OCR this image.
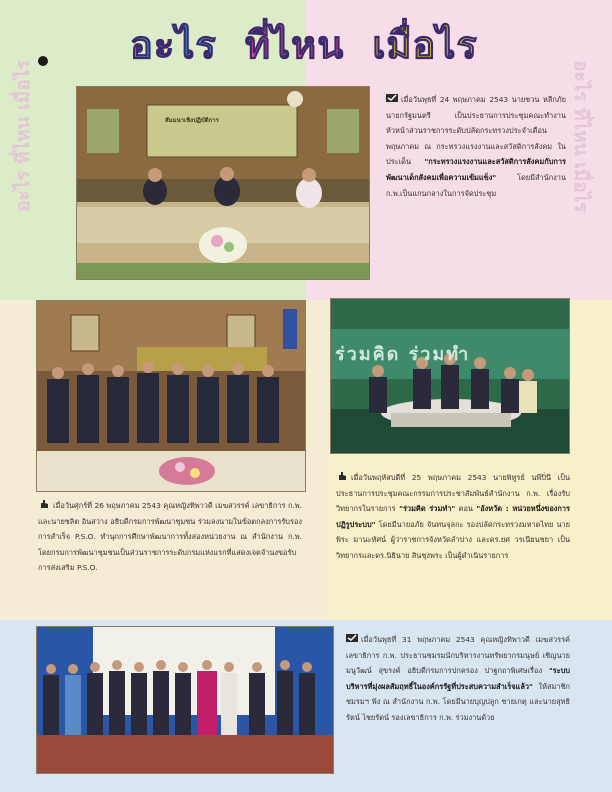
อะไร ที่ไหน เมื่อไร
อะไร ที่ไหน เมื่อไร	อะไร ที่ไหน เมื่อไร
สัมมนาเชิงปฏิบัติการ
เมื่อวันพุธที่ 24 พฤษภาคม 2543 นายชวน หลีกภัย นายกรัฐมนตรี เป็นประธานการประชุมคณะทำงานหัวหน้าส่วนราชการระดับปลัดกระทรวงประจำเดือนพฤษภาคม ณ กระทรวงแรงงานและสวัสดิการสังคม ในประเด็น "กระทรวงแรงงานและสวัสดิการสังคมกับการพัฒนาเด็กสังคมเพื่อความเข้มแข็ง"	โดยมีสำนักงาน ก.พ.เป็นแกนกลางในการจัดประชุม
เมื่อวันศุกร์ที่ 26 พฤษภาคม 2543 คุณหญิงทิพาวดี เมฆสวรรค์ เลขาธิการ ก.พ. และนายชลิต อินสว่าง อธิบดีกรมการพัฒนาชุมชน ร่วมลงนามในข้อตกลงการรับรองการสำเร็จ P.S.O. ทำนุกการศึกษาพัฒนาการทั้งสองหน่วยงาน ณ สำนักงาน ก.พ. โดยกรมการพัฒนาชุมชนเป็นส่วนราชการระดับกรมแห่งแรกที่แสดงเจตจำนงขอรับการส่งเสริม P.S.O.
ร่วมคิด ร่วมทำ
เมื่อวันพฤหัสบดีที่ 25 พฤษภาคม 2543 นายพิทูรย์ นพีปิ่นี เป็นประธานการประชุมคณะกรรมการประชาสัมพันธ์สำนักงาน ก.พ. เรื่องรับวิทยากรในรายการ "ร่วมคิด ร่วมทำ" ตอน "อังหวัด : หน่วยหนึ่งของการปฏิรูประบบ" โดยมีนายอภัย จันทนจุลกะ รองปลัดกระทรวงมหาดไทย นายพิระ มานะทัศน์ ผู้ว่าราชการจังหวัดลำปาง และดร.ยศ วรเนียนชยา เป็นวิทยากรและดร.นิธินาย สินชุงพระ เป็นผู้ดำเนินรายการ
เมื่อวันพุธที่ 31 พฤษภาคม 2543 คุณหญิงทิพาวดี เมฆสวรรค์ เลขาธิการ ก.พ. ประธานชมรมนักบริหารงานทรัพยากรมนุษย์ เชิญนายมนูวัฒน์ สุขรงค์ อธิบดีกรมการปกครอง ปาฐกถาพิเศษเรื่อง "ระบบบริหารที่มุ่งผลสัมฤทธิ์ในองค์กรรัฐที่ประสบความสำเร็จแล้ว" ให้สมาชิกชมรมฯ ฟัง ณ สำนักงาน ก.พ. โดยมีนายบุญปลูก ชายเกตุ และนายสุทธิรัตน์ ไชยรัตน์ รองเลขาธิการ ก.พ. ร่วมงานด้วย
